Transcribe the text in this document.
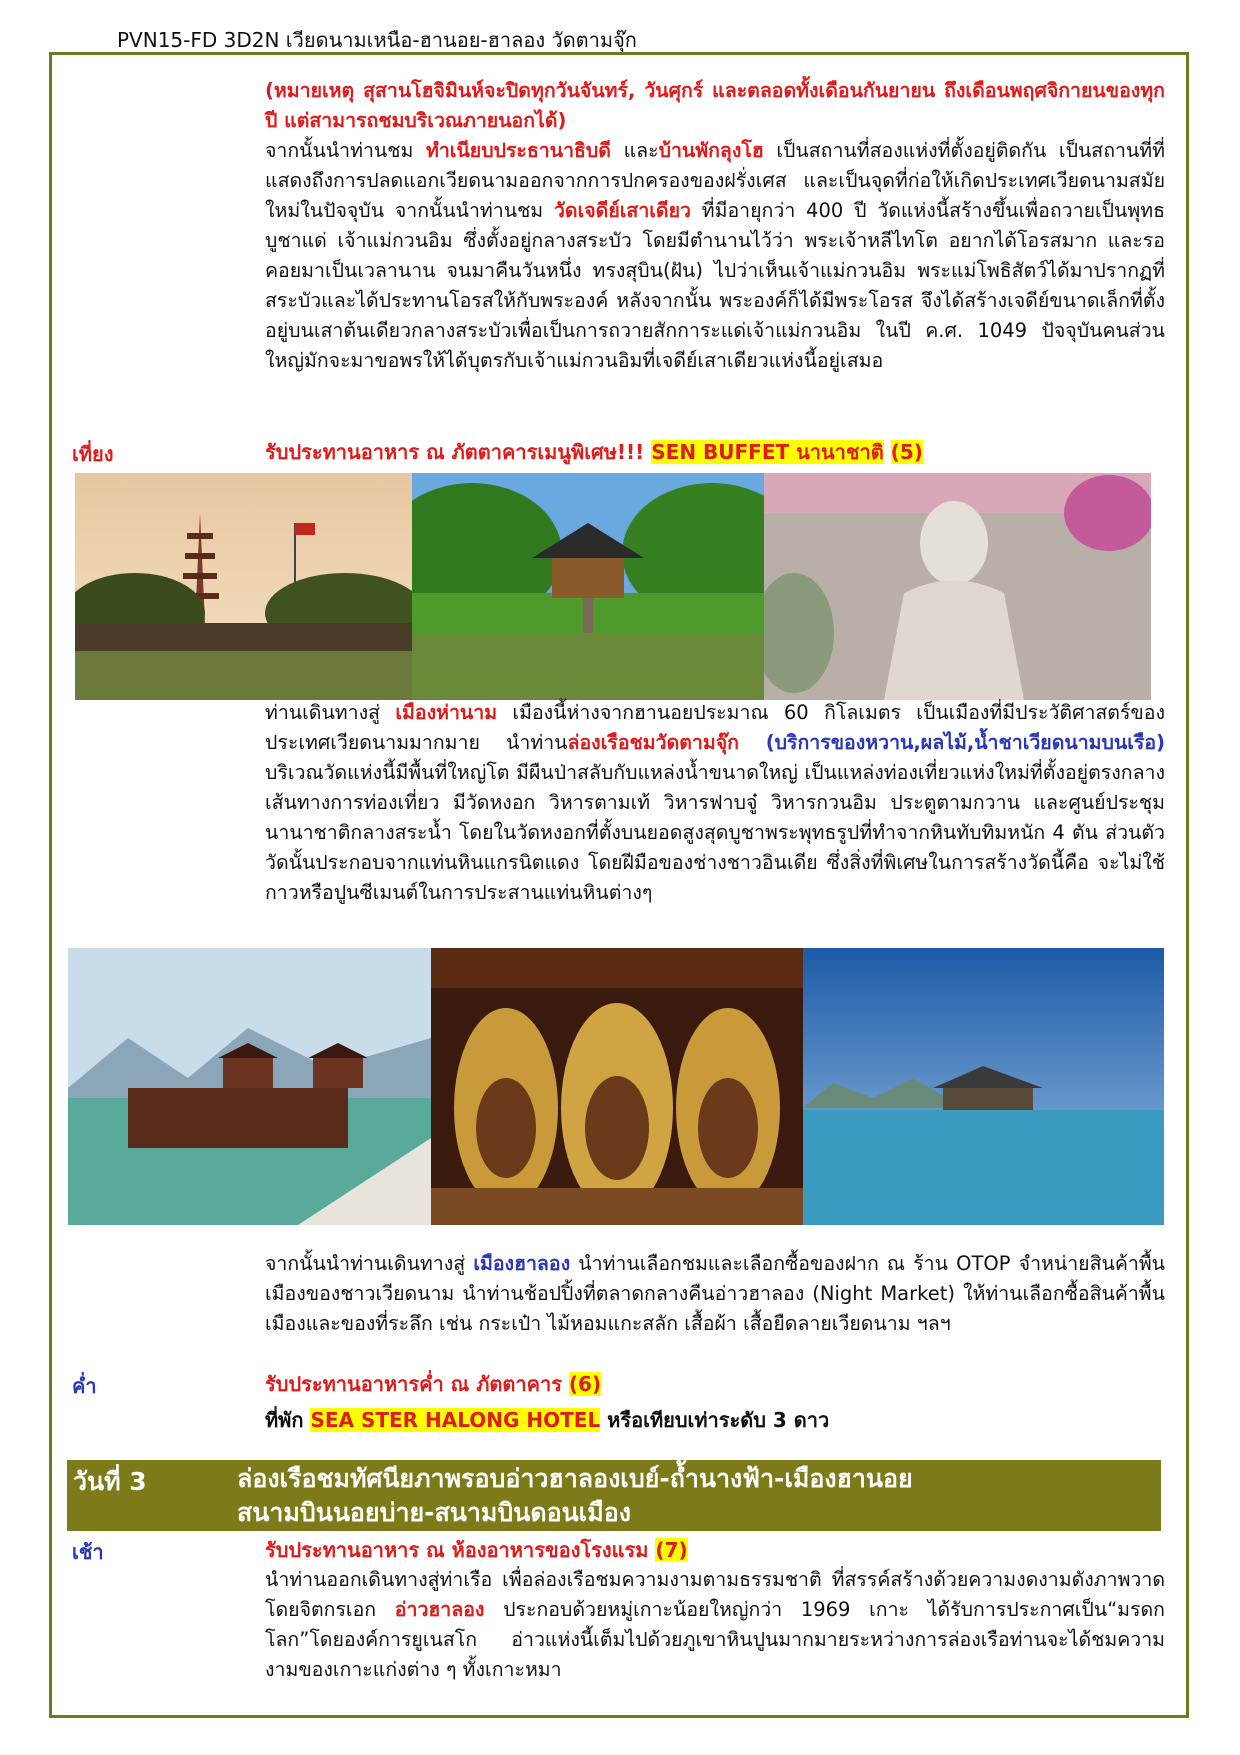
PVN15-FD 3D2N เวียดนามเหนือ-ฮานอย-ฮาลอง วัดตามจุ๊ก
(หมายเหตุ สุสานโฮจิมินห์จะปิดทุกวันจันทร์, วันศุกร์ และตลอดทั้งเดือนกันยายน ถึงเดือนพฤศจิกายนของทุกปี แต่สามารถชมบริเวณภายนอกได้)
จากนั้นนำท่านชม ทำเนียบประธานาธิบดี และบ้านพักลุงโฮ เป็นสถานที่สองแห่งที่ตั้งอยู่ติดกัน เป็นสถานที่ที่แสดงถึงการปลดแอกเวียดนามออกจากการปกครองของฝรั่งเศส และเป็นจุดที่ก่อให้เกิดประเทศเวียดนามสมัยใหม่ในปัจจุบัน จากนั้นนำท่านชม วัดเจดีย์เสาเดียว ที่มีอายุกว่า 400 ปี วัดแห่งนี้สร้างขึ้นเพื่อถวายเป็นพุทธบูชาแด่ เจ้าแม่กวนอิม ซึ่งตั้งอยู่กลางสระบัว โดยมีตำนานไว้ว่า พระเจ้าหลีไทโต อยากได้โอรสมาก และรอคอยมาเป็นเวลานาน จนมาคืนวันหนึ่ง ทรงสุบิน(ฝัน) ไปว่าเห็นเจ้าแม่กวนอิม พระแม่โพธิสัตว์ได้มาปรากฏที่สระบัวและได้ประทานโอรสให้กับพระองค์ หลังจากนั้น พระองค์ก็ได้มีพระโอรส จึงได้สร้างเจดีย์ขนาดเล็กที่ตั้งอยู่บนเสาต้นเดียวกลางสระบัวเพื่อเป็นการถวายสักการะแด่เจ้าแม่กวนอิม ในปี ค.ศ. 1049 ปัจจุบันคนส่วนใหญ่มักจะมาขอพรให้ได้บุตรกับเจ้าแม่กวนอิมที่เจดีย์เสาเดียวแห่งนี้อยู่เสมอ
เที่ยง	รับประทานอาหาร ณ ภัตตาคารเมนูพิเศษ!!! SEN BUFFET นานาชาติ (5)
ท่านเดินทางสู่ เมืองห่านาม เมืองนี้ห่างจากฮานอยประมาณ 60 กิโลเมตร เป็นเมืองที่มีประวัติศาสตร์ของประเทศเวียดนามมากมาย นำท่านล่องเรือชมวัดตามจุ๊ก (บริการของหวาน,ผลไม้,น้ำชาเวียดนามบนเรือ) บริเวณวัดแห่งนี้มีพื้นที่ใหญ่โต มีผืนป่าสลับกับแหล่งน้ำขนาดใหญ่ เป็นแหล่งท่องเที่ยวแห่งใหม่ที่ตั้งอยู่ตรงกลางเส้นทางการท่องเที่ยว มีวัดหงอก วิหารตามเท้ วิหารฟาบจู๋ วิหารกวนอิม ประตูตามกวาน และศูนย์ประชุมนานาชาติกลางสระน้ำ โดยในวัดหงอกที่ตั้งบนยอดสูงสุดบูชาพระพุทธรูปที่ทำจากหินทับทิมหนัก 4 ตัน ส่วนตัววัดนั้นประกอบจากแท่นหินแกรนิตแดง โดยฝีมือของช่างชาวอินเดีย ซึ่งสิ่งที่พิเศษในการสร้างวัดนี้คือ จะไม่ใช้กาวหรือปูนซีเมนต์ในการประสานแท่นหินต่างๆ
จากนั้นนำท่านเดินทางสู่ เมืองฮาลอง นำท่านเลือกชมและเลือกซื้อของฝาก ณ ร้าน OTOP จำหน่ายสินค้าพื้นเมืองของชาวเวียดนาม นำท่านช้อปปิ้งที่ตลาดกลางคืนอ่าวฮาลอง (Night Market) ให้ท่านเลือกซื้อสินค้าพื้นเมืองและของที่ระลึก เช่น กระเป๋า ไม้หอมแกะสลัก เสื้อผ้า เสื้อยืดลายเวียดนาม ฯลฯ
ค่ำ	รับประทานอาหารค่ำ ณ ภัตตาคาร (6)
ที่พัก SEA STER HALONG HOTEL หรือเทียบเท่าระดับ 3 ดาว
วันที่ 3	ล่องเรือชมทัศนียภาพรอบอ่าวฮาลองเบย์-ถ้ำนางฟ้า-เมืองฮานอย
สนามบินนอยบ่าย-สนามบินดอนเมือง
เช้า	รับประทานอาหาร ณ ห้องอาหารของโรงแรม (7)
นำท่านออกเดินทางสู่ท่าเรือ เพื่อล่องเรือชมความงามตามธรรมชาติ ที่สรรค์สร้างด้วยความงดงามดังภาพวาดโดยจิตกรเอก อ่าวฮาลอง ประกอบด้วยหมู่เกาะน้อยใหญ่กว่า 1969 เกาะ ได้รับการประกาศเป็น“มรดกโลก”โดยองค์การยูเนสโก อ่าวแห่งนี้เต็มไปด้วยภูเขาหินปูนมากมายระหว่างการล่องเรือท่านจะได้ชมความงามของเกาะแก่งต่าง ๆ ทั้งเกาะหมา
